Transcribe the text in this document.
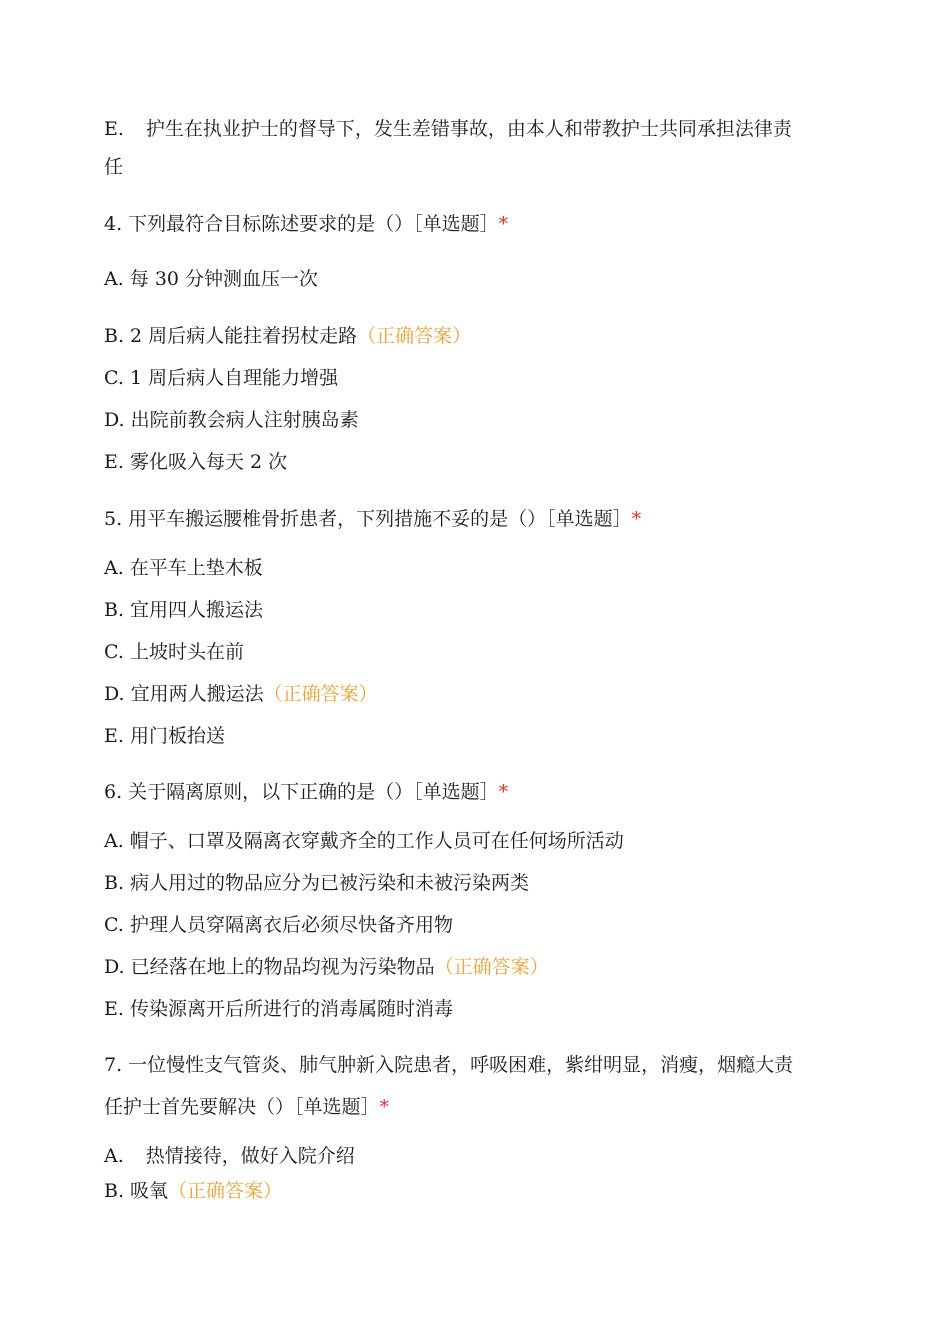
E. 护生在执业护士的督导下，发生差错事故，由本人和带教护士共同承担法律责
任
4. 下列最符合目标陈述要求的是（）［单选题］*
A. 每 30 分钟测血压一次
B. 2 周后病人能拄着拐杖走路（正确答案）
C. 1 周后病人自理能力增强
D. 出院前教会病人注射胰岛素
E. 雾化吸入每天 2 次
5. 用平车搬运腰椎骨折患者，下列措施不妥的是（）［单选题］*
A. 在平车上垫木板
B. 宜用四人搬运法
C. 上坡时头在前
D. 宜用两人搬运法（正确答案）
E. 用门板抬送
6. 关于隔离原则，以下正确的是（）［单选题］*
A. 帽子、口罩及隔离衣穿戴齐全的工作人员可在任何场所活动
B. 病人用过的物品应分为已被污染和未被污染两类
C. 护理人员穿隔离衣后必须尽快备齐用物
D. 已经落在地上的物品均视为污染物品（正确答案）
E. 传染源离开后所进行的消毒属随时消毒
7. 一位慢性支气管炎、肺气肿新入院患者，呼吸困难，紫绀明显，消瘦，烟瘾大责
任护士首先要解决（）［单选题］*
A. 热情接待，做好入院介绍
B. 吸氧（正确答案）
